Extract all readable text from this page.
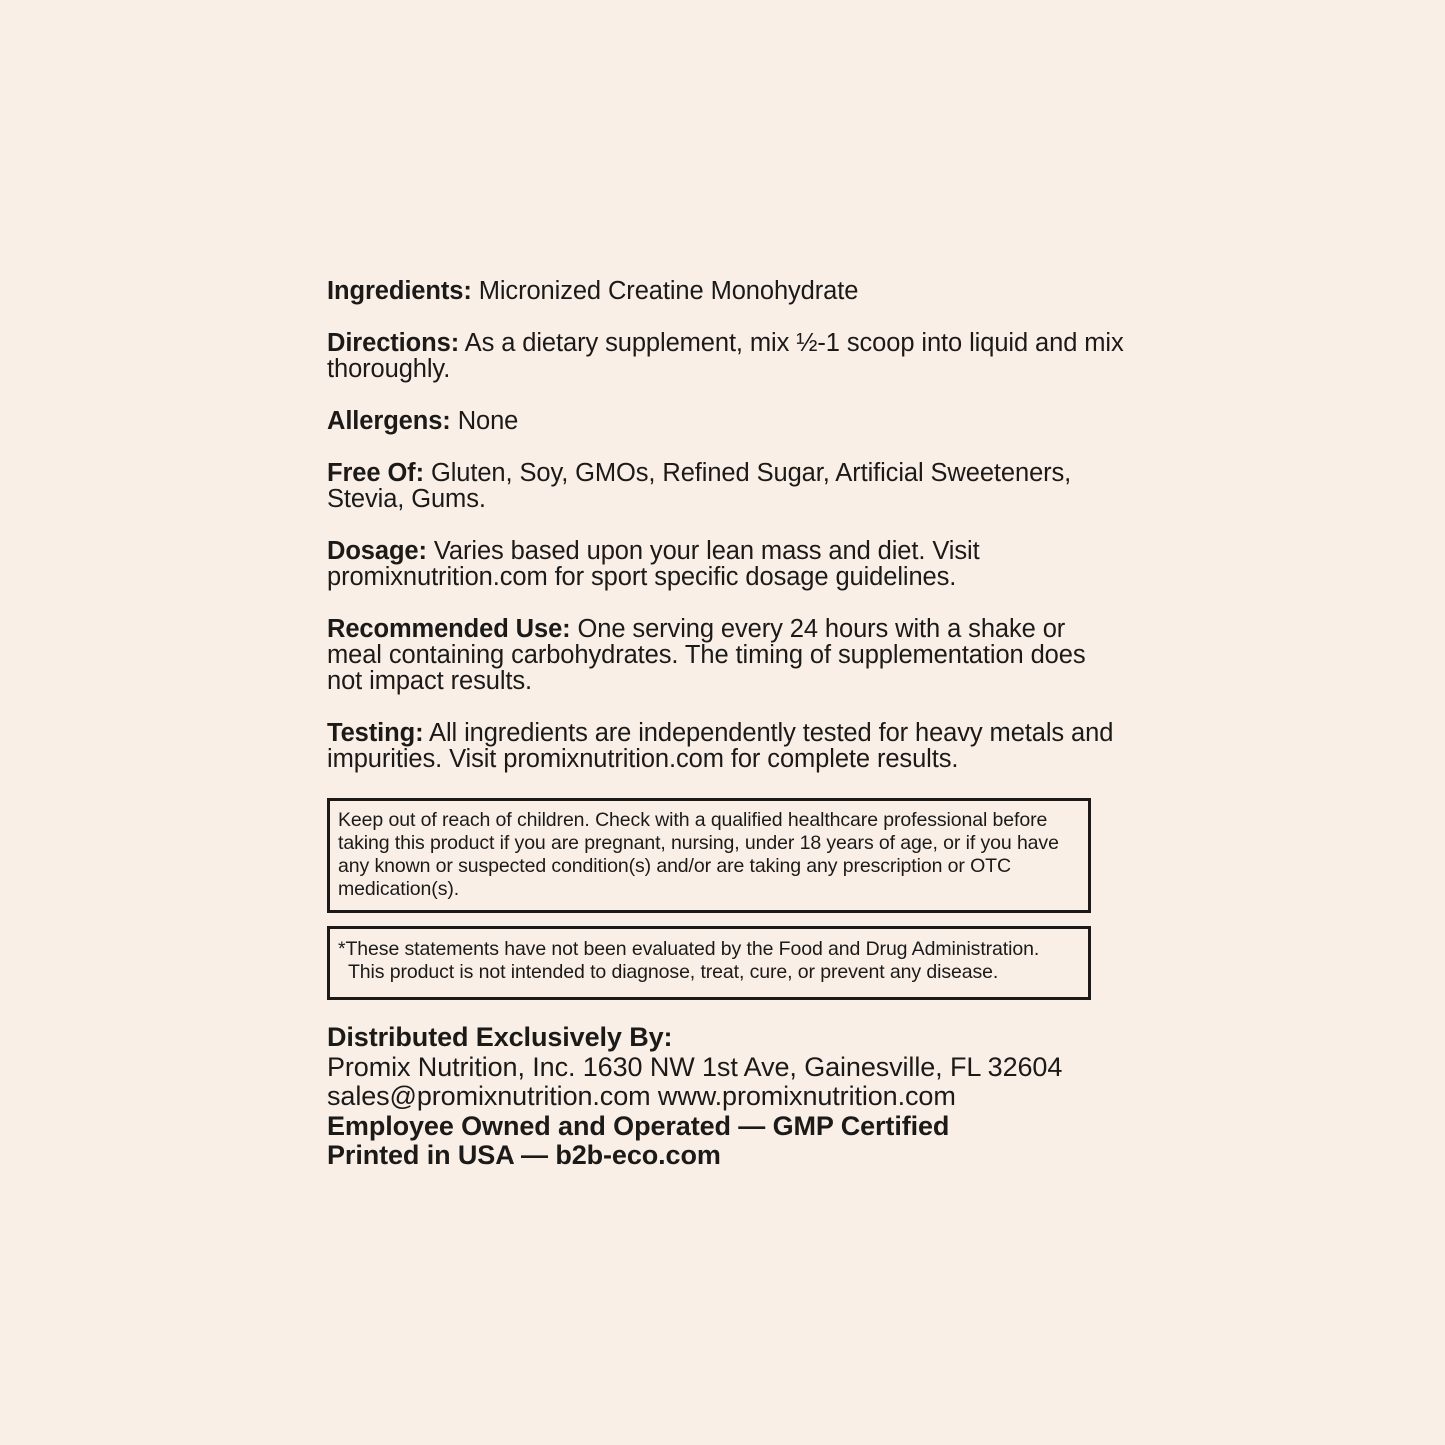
Ingredients: Micronized Creatine Monohydrate

Directions: As a dietary supplement, mix ½-1 scoop into liquid and mix thoroughly.

Allergens: None

Free Of: Gluten, Soy, GMOs, Refined Sugar, Artificial Sweeteners, Stevia, Gums.

Dosage: Varies based upon your lean mass and diet. Visit promixnutrition.com for sport specific dosage guidelines.

Recommended Use: One serving every 24 hours with a shake or meal containing carbohydrates. The timing of supplementation does not impact results.

Testing: All ingredients are independently tested for heavy metals and impurities. Visit promixnutrition.com for complete results.

Keep out of reach of children. Check with a qualified healthcare professional before taking this product if you are pregnant, nursing, under 18 years of age, or if you have any known or suspected condition(s) and/or are taking any prescription or OTC medication(s).
*These statements have not been evaluated by the Food and Drug Administration.
This product is not intended to diagnose, treat, cure, or prevent any disease.
Distributed Exclusively By:
Promix Nutrition, Inc. 1630 NW 1st Ave, Gainesville, FL 32604
sales@promixnutrition.com www.promixnutrition.com
Employee Owned and Operated — GMP Certified
Printed in USA — b2b-eco.com
